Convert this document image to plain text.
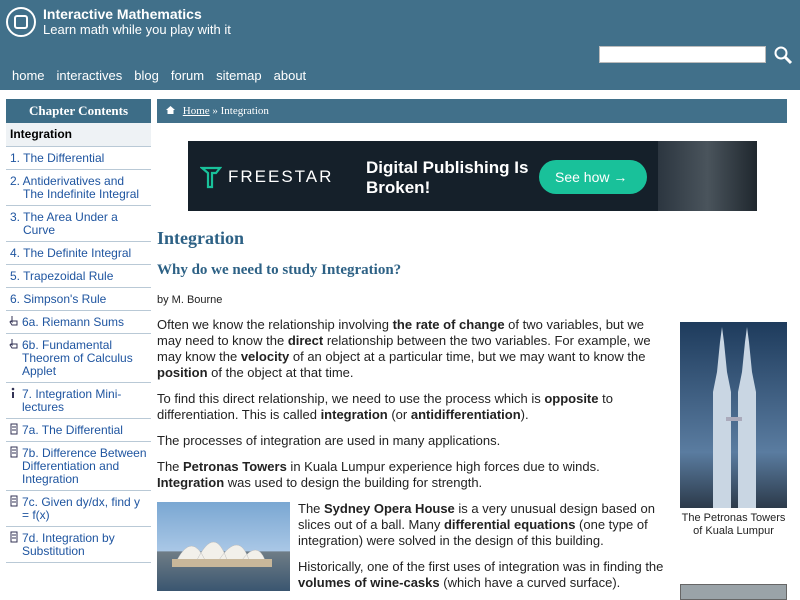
Interactive Mathematics
Learn math while you play with it
home interactives blog forum sitemap about
Chapter Contents
Integration
1. The Differential
2. Antiderivatives and The Indefinite Integral
3. The Area Under a Curve
4. The Definite Integral
5. Trapezoidal Rule
6. Simpson's Rule
6a. Riemann Sums
6b. Fundamental Theorem of Calculus Applet
7. Integration Mini-lectures
7a. The Differential
7b. Difference Between Differentiation and Integration
7c. Given dy/dx, find y = f(x)
7d. Integration by Substitution
Home » Integration
FREESTAR Digital Publishing Is Broken!
See how →
Integration
Why do we need to study Integration?
by M. Bourne

Often we know the relationship involving the rate of change of two variables, but we may need to know the direct relationship between the two variables. For example, we may know the velocity of an object at a particular time, but we may want to know the position of the object at that time.

To find this direct relationship, we need to use the process which is opposite to differentiation. This is called integration (or antidifferentiation).

The processes of integration are used in many applications.

The Petronas Towers in Kuala Lumpur experience high forces due to winds. Integration was used to design the building for strength.

The Sydney Opera House is a very unusual design based on slices out of a ball. Many differential equations (one type of integration) were solved in the design of this building.

Historically, one of the first uses of integration was in finding the volumes of wine-casks (which have a curved surface).

The Petronas Towers of Kuala Lumpur
